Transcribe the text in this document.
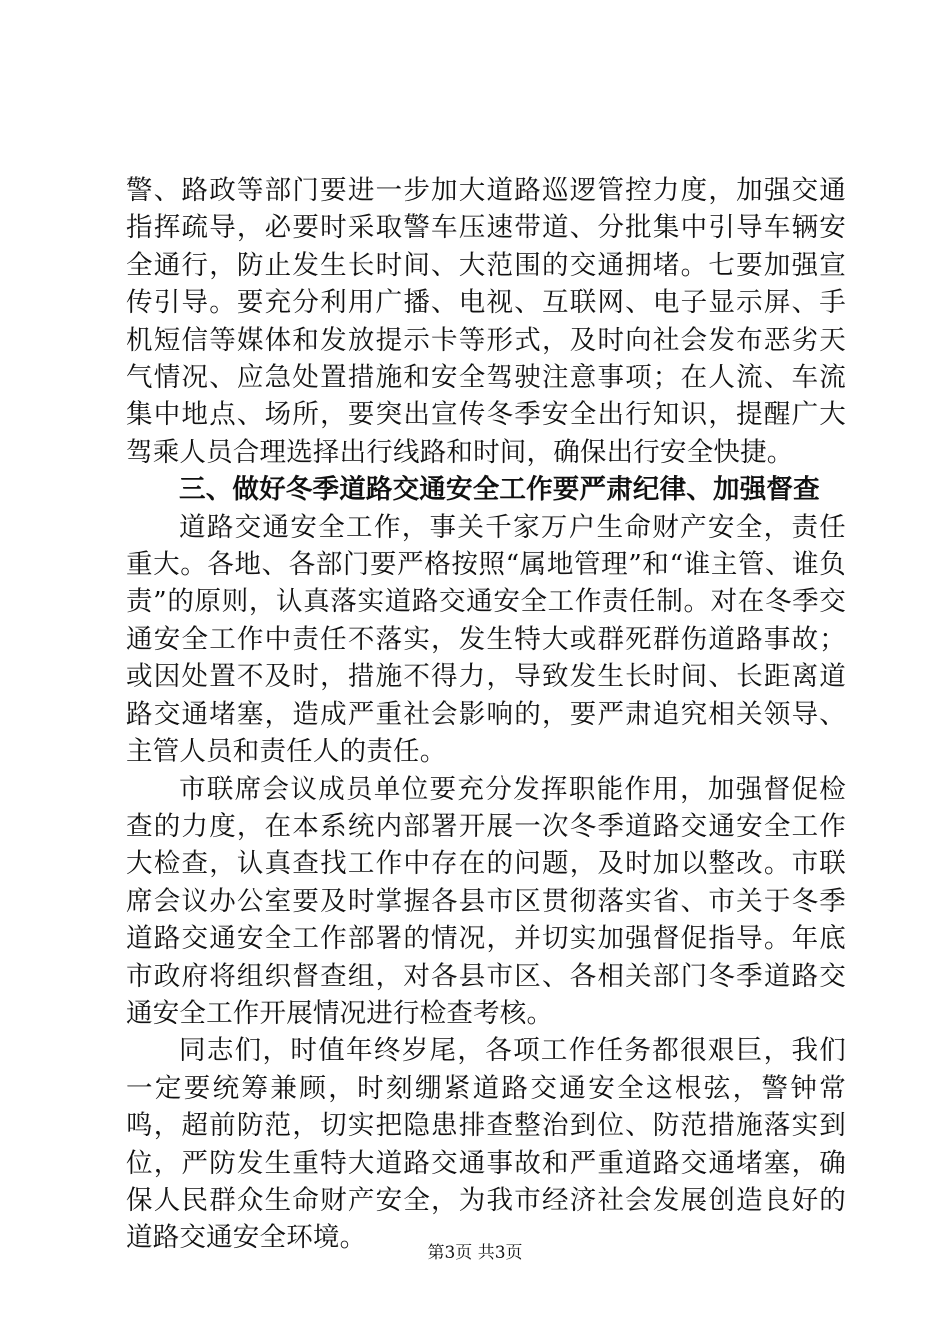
警、路政等部门要进一步加大道路巡逻管控力度，加强交通指挥疏导，必要时采取警车压速带道、分批集中引导车辆安全通行，防止发生长时间、大范围的交通拥堵。七要加强宣传引导。要充分利用广播、电视、互联网、电子显示屏、手机短信等媒体和发放提示卡等形式，及时向社会发布恶劣天气情况、应急处置措施和安全驾驶注意事项；在人流、车流集中地点、场所，要突出宣传冬季安全出行知识，提醒广大驾乘人员合理选择出行线路和时间，确保出行安全快捷。

三、做好冬季道路交通安全工作要严肃纪律、加强督查

道路交通安全工作，事关千家万户生命财产安全，责任重大。各地、各部门要严格按照“属地管理”和“谁主管、谁负责”的原则，认真落实道路交通安全工作责任制。对在冬季交通安全工作中责任不落实，发生特大或群死群伤道路事故；或因处置不及时，措施不得力，导致发生长时间、长距离道路交通堵塞，造成严重社会影响的，要严肃追究相关领导、主管人员和责任人的责任。

市联席会议成员单位要充分发挥职能作用，加强督促检查的力度，在本系统内部署开展一次冬季道路交通安全工作大检查，认真查找工作中存在的问题，及时加以整改。市联席会议办公室要及时掌握各县市区贯彻落实省、市关于冬季道路交通安全工作部署的情况，并切实加强督促指导。年底市政府将组织督查组，对各县市区、各相关部门冬季道路交通安全工作开展情况进行检查考核。

同志们，时值年终岁尾，各项工作任务都很艰巨，我们一定要统筹兼顾，时刻绷紧道路交通安全这根弦，警钟常鸣，超前防范，切实把隐患排查整治到位、防范措施落实到位，严防发生重特大道路交通事故和严重道路交通堵塞，确保人民群众生命财产安全，为我市经济社会发展创造良好的道路交通安全环境。	第3页 共3页
